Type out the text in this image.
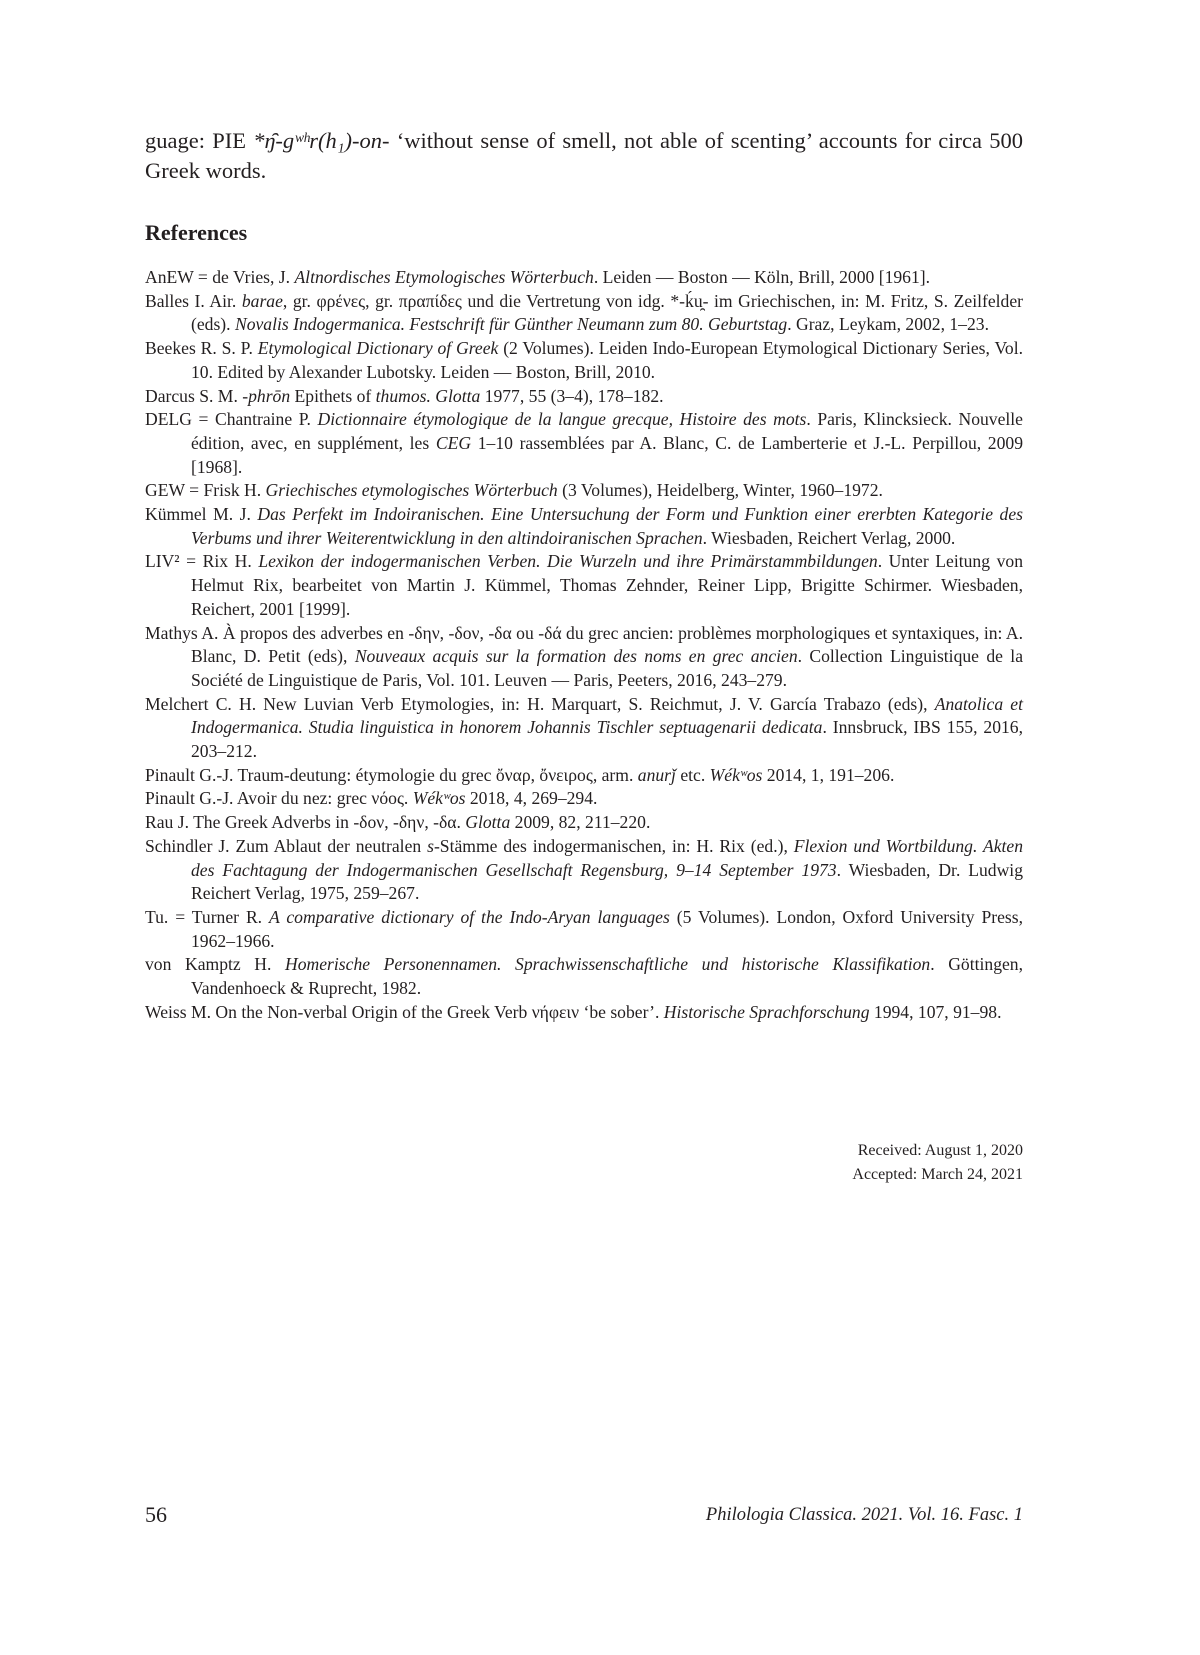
guage: PIE *ŋ̑-gʷʰr(h₁)-on- ‘without sense of smell, not able of scenting’ accounts for circa 500 Greek words.

References
AnEW = de Vries, J. Altnordisches Etymologisches Wörterbuch. Leiden — Boston — Köln, Brill, 2000 [1961].
Balles I. Air. barae, gr. φρένες, gr. πραπίδες und die Vertretung von idg. *-ḱu̯- im Griechischen, in: M. Fritz, S. Zeilfelder (eds). Novalis Indogermanica. Festschrift für Günther Neumann zum 80. Geburtstag. Graz, Leykam, 2002, 1–23.
Beekes R. S. P. Etymological Dictionary of Greek (2 Volumes). Leiden Indo-European Etymological Dictionary Series, Vol. 10. Edited by Alexander Lubotsky. Leiden — Boston, Brill, 2010.
Darcus S. M. -phrōn Epithets of thumos. Glotta 1977, 55 (3–4), 178–182.
DELG = Chantraine P. Dictionnaire étymologique de la langue grecque, Histoire des mots. Paris, Klincksieck. Nouvelle édition, avec, en supplément, les CEG 1–10 rassemblées par A. Blanc, C. de Lamberterie et J.-L. Perpillou, 2009 [1968].
GEW = Frisk H. Griechisches etymologisches Wörterbuch (3 Volumes), Heidelberg, Winter, 1960–1972.
Kümmel M. J. Das Perfekt im Indoiranischen. Eine Untersuchung der Form und Funktion einer ererbten Kategorie des Verbums und ihrer Weiterentwicklung in den altindoiranischen Sprachen. Wiesbaden, Reichert Verlag, 2000.
LIV² = Rix H. Lexikon der indogermanischen Verben. Die Wurzeln und ihre Primärstammbildungen. Unter Leitung von Helmut Rix, bearbeitet von Martin J. Kümmel, Thomas Zehnder, Reiner Lipp, Brigitte Schirmer. Wiesbaden, Reichert, 2001 [1999].
Mathys A. À propos des adverbes en -δην, -δον, -δα ou -δά du grec ancien: problèmes morphologiques et syntaxiques, in: A. Blanc, D. Petit (eds), Nouveaux acquis sur la formation des noms en grec ancien. Collection Linguistique de la Société de Linguistique de Paris, Vol. 101. Leuven — Paris, Peeters, 2016, 243–279.
Melchert C. H. New Luvian Verb Etymologies, in: H. Marquart, S. Reichmut, J. V. García Trabazo (eds), Anatolica et Indogermanica. Studia linguistica in honorem Johannis Tischler septuagenarii dedicata. Innsbruck, IBS 155, 2016, 203–212.
Pinault G.-J. Traum-deutung: étymologie du grec ὄναρ, ὄνειρος, arm. anurǰ etc. Wékʷos 2014, 1, 191–206.
Pinault G.-J. Avoir du nez: grec νόος. Wékʷos 2018, 4, 269–294.
Rau J. The Greek Adverbs in -δον, -δην, -δα. Glotta 2009, 82, 211–220.
Schindler J. Zum Ablaut der neutralen s-Stämme des indogermanischen, in: H. Rix (ed.), Flexion und Wortbildung. Akten des Fachtagung der Indogermanischen Gesellschaft Regensburg, 9–14 September 1973. Wiesbaden, Dr. Ludwig Reichert Verlag, 1975, 259–267.
Tu. = Turner R. A comparative dictionary of the Indo-Aryan languages (5 Volumes). London, Oxford University Press, 1962–1966.
von Kamptz H. Homerische Personennamen. Sprachwissenschaftliche und historische Klassifikation. Göttingen, Vandenhoeck & Ruprecht, 1982.
Weiss M. On the Non-verbal Origin of the Greek Verb νήφειν ‘be sober’. Historische Sprachforschung 1994, 107, 91–98.
Received: August 1, 2020
Accepted: March 24, 2021
56	Philologia Classica. 2021. Vol. 16. Fasc. 1
